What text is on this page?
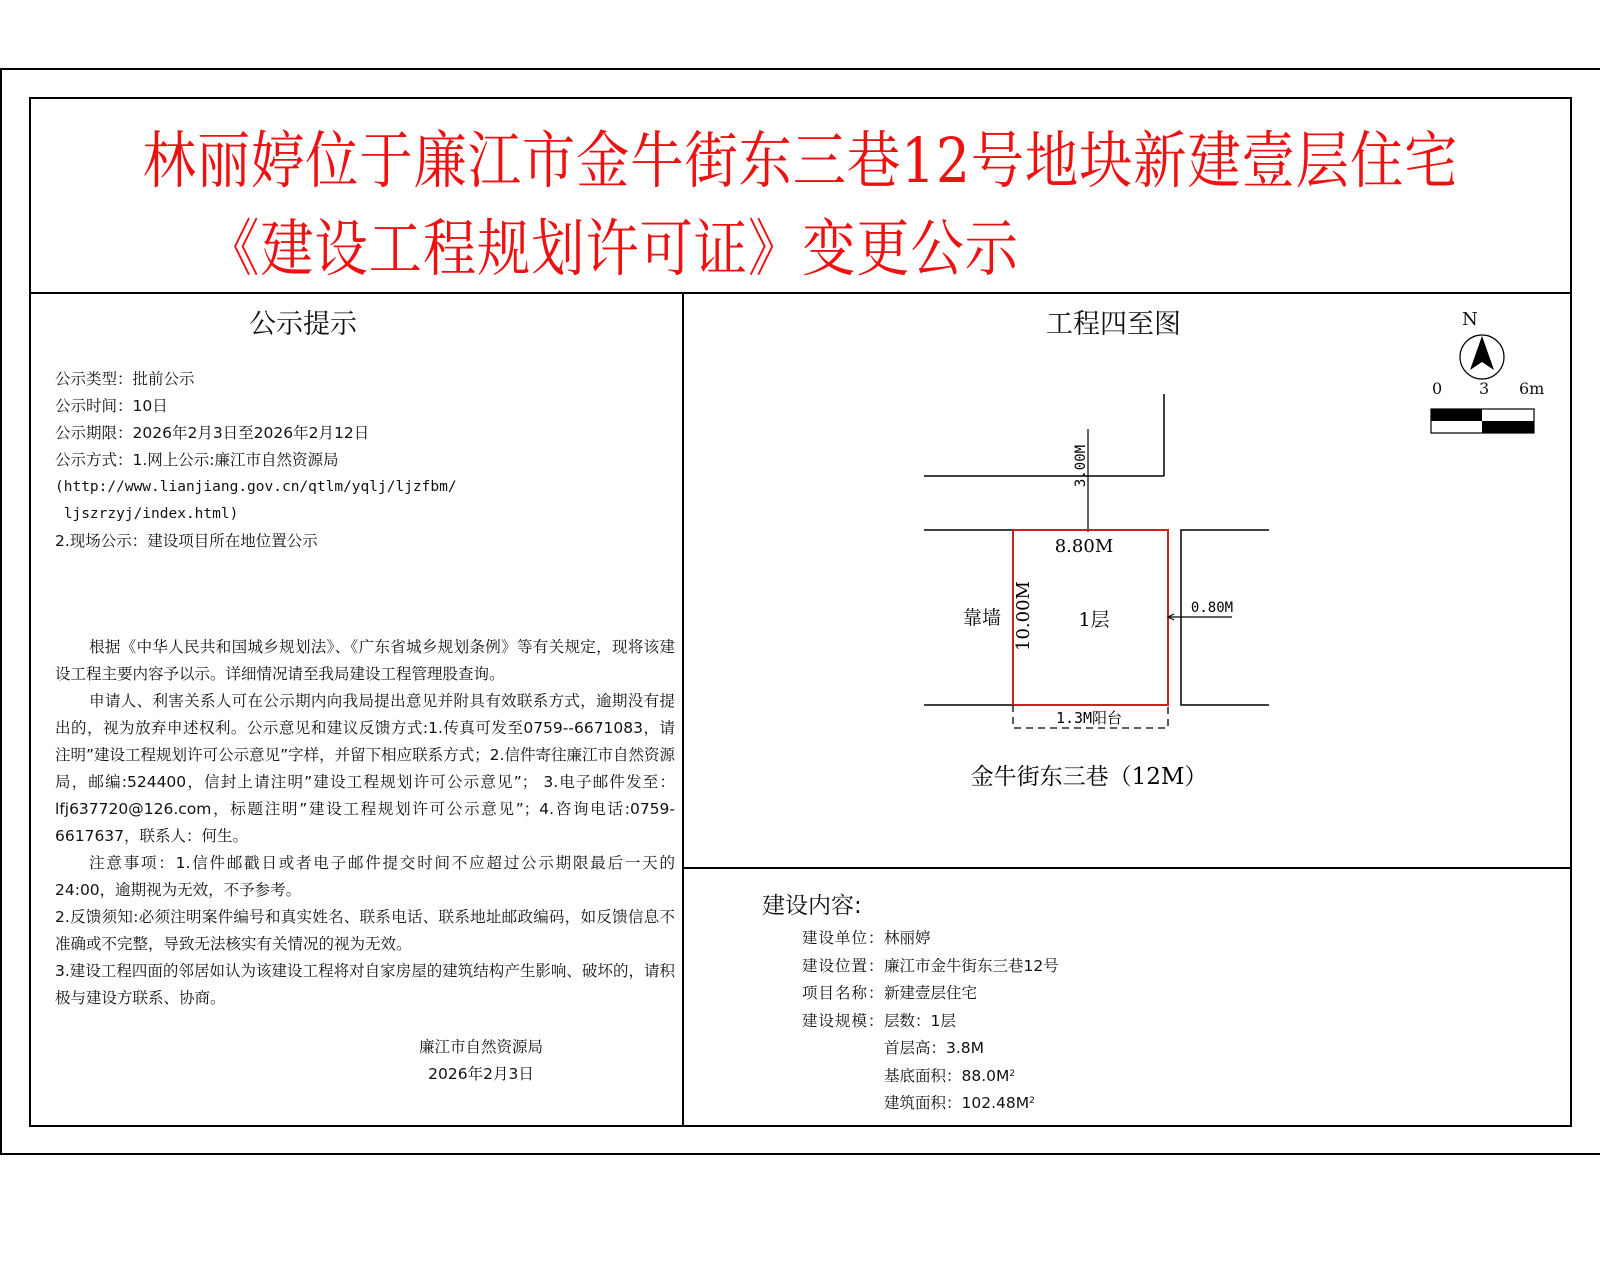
林丽婷位于廉江市金牛街东三巷12号地块新建壹层住宅
《建设工程规划许可证》变更公示
公示提示
公示类型：批前公示
公示时间：10日
公示期限：2026年2月3日至2026年2月12日
公示方式：1.网上公示:廉江市自然资源局
(http://www.lianjiang.gov.cn/qtlm/yqlj/ljzfbm/
ljszrzyj/index.html)
2.现场公示：建设项目所在地位置公示

根据《中华人民共和国城乡规划法》、《广东省城乡规划条例》等有关规定，现将该建设工程主要内容予以示。详细情况请至我局建设工程管理股查询。

申请人、利害关系人可在公示期内向我局提出意见并附具有效联系方式，逾期没有提出的，视为放弃申述权利。公示意见和建议反馈方式:1.传真可发至0759--6671083，请注明”建设工程规划许可公示意见”字样，并留下相应联系方式；2.信件寄往廉江市自然资源局，邮编:524400，信封上请注明”建设工程规划许可公示意见”； 3.电子邮件发至：lfj637720@126.com，标题注明”建设工程规划许可公示意见”；4.咨询电话:0759-6617637，联系人：何生。

注意事项：1.信件邮戳日或者电子邮件提交时间不应超过公示期限最后一天的24:00，逾期视为无效，不予参考。

2.反馈须知:必须注明案件编号和真实姓名、联系电话、联系地址邮政编码，如反馈信息不准确或不完整，导致无法核实有关情况的视为无效。

3.建设工程四面的邻居如认为该建设工程将对自家房屋的建筑结构产生影响、破坏的，请积极与建设方联系、协商。

廉江市自然资源局
2026年2月3日
工程四至图
3.00M
8.80M
10.00M 1层
靠墙	0.80M
1.3M阳台
金牛街东三巷（12M）
N
0 3 6m
建设内容:
建设单位：林丽婷
建设位置：廉江市金牛街东三巷12号
项目名称：新建壹层住宅
建设规模：层数：1层
首层高：3.8M
基底面积：$88.0M^2$
建筑面积：$102.48M^2$
